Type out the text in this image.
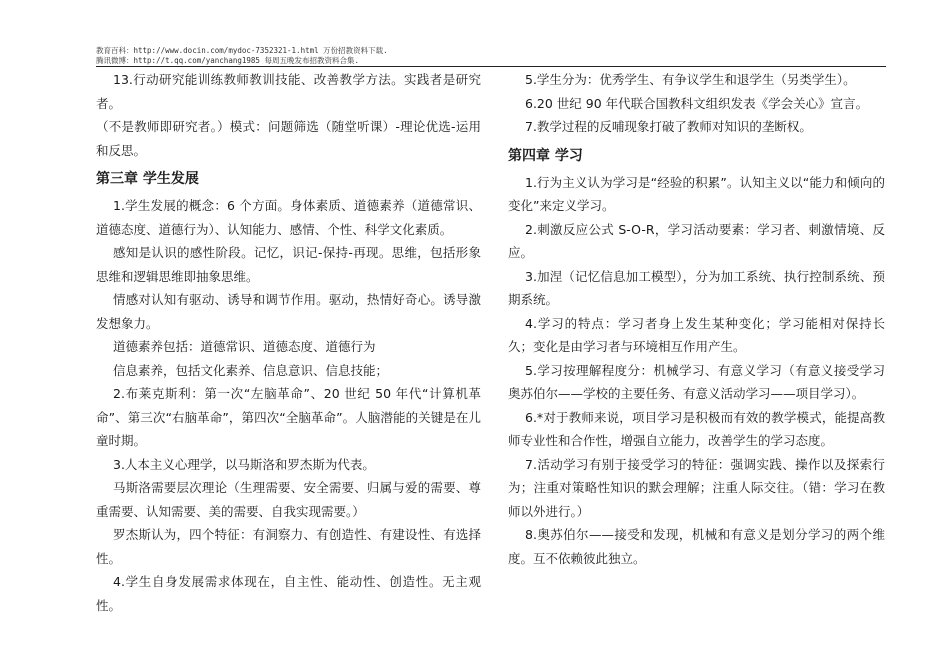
教育百科：http://www.docin.com/mydoc-7352321-1.html 万份招教资料下载.
腾讯微博：http://t.qq.com/yanchang1985 每周五晚发布招教资料合集.

13.行动研究能训练教师教训技能、改善教学方法。实践者是研究者。

（不是教师即研究者。）模式：问题筛选（随堂听课）-理论优选-运用和反思。

第三章 学生发展

1.学生发展的概念：6 个方面。身体素质、道德素养（道德常识、道德态度、道德行为）、认知能力、感情、个性、科学文化素质。

感知是认识的感性阶段。记忆，识记-保持-再现。思维，包括形象思维和逻辑思维即抽象思维。

情感对认知有驱动、诱导和调节作用。驱动，热情好奇心。诱导激发想象力。

道德素养包括：道德常识、道德态度、道德行为

信息素养，包括文化素养、信息意识、信息技能；

2.布莱克斯利：第一次“左脑革命”、20 世纪 50 年代“计算机革命”、第三次“右脑革命”，第四次“全脑革命”。人脑潜能的关键是在儿童时期。

3.人本主义心理学，以马斯洛和罗杰斯为代表。

马斯洛需要层次理论（生理需要、安全需要、归属与爱的需要、尊重需要、认知需要、美的需要、自我实现需要。）

罗杰斯认为，四个特征：有洞察力、有创造性、有建设性、有选择性。

4.学生自身发展需求体现在，自主性、能动性、创造性。无主观性。

5.学生分为：优秀学生、有争议学生和退学生（另类学生）。

6.20 世纪 90 年代联合国教科文组织发表《学会关心》宣言。

7.教学过程的反哺现象打破了教师对知识的垄断权。

第四章 学习

1.行为主义认为学习是“经验的积累”。认知主义以“能力和倾向的变化”来定义学习。

2.刺激反应公式 S-O-R，学习活动要素：学习者、刺激情境、反应。

3.加涅（记忆信息加工模型），分为加工系统、执行控制系统、预期系统。

4.学习的特点：学习者身上发生某种变化；学习能相对保持长久；变化是由学习者与环境相互作用产生。

5.学习按理解程度分：机械学习、有意义学习（有意义接受学习奥苏伯尔——学校的主要任务、有意义活动学习——项目学习）。

6.*对于教师来说，项目学习是积极而有效的教学模式，能提高教师专业性和合作性，增强自立能力，改善学生的学习态度。

7.活动学习有别于接受学习的特征：强调实践、操作以及探索行为；注重对策略性知识的默会理解；注重人际交往。（错：学习在教师以外进行。）

8.奥苏伯尔——接受和发现，机械和有意义是划分学习的两个维度。互不依赖彼此独立。
